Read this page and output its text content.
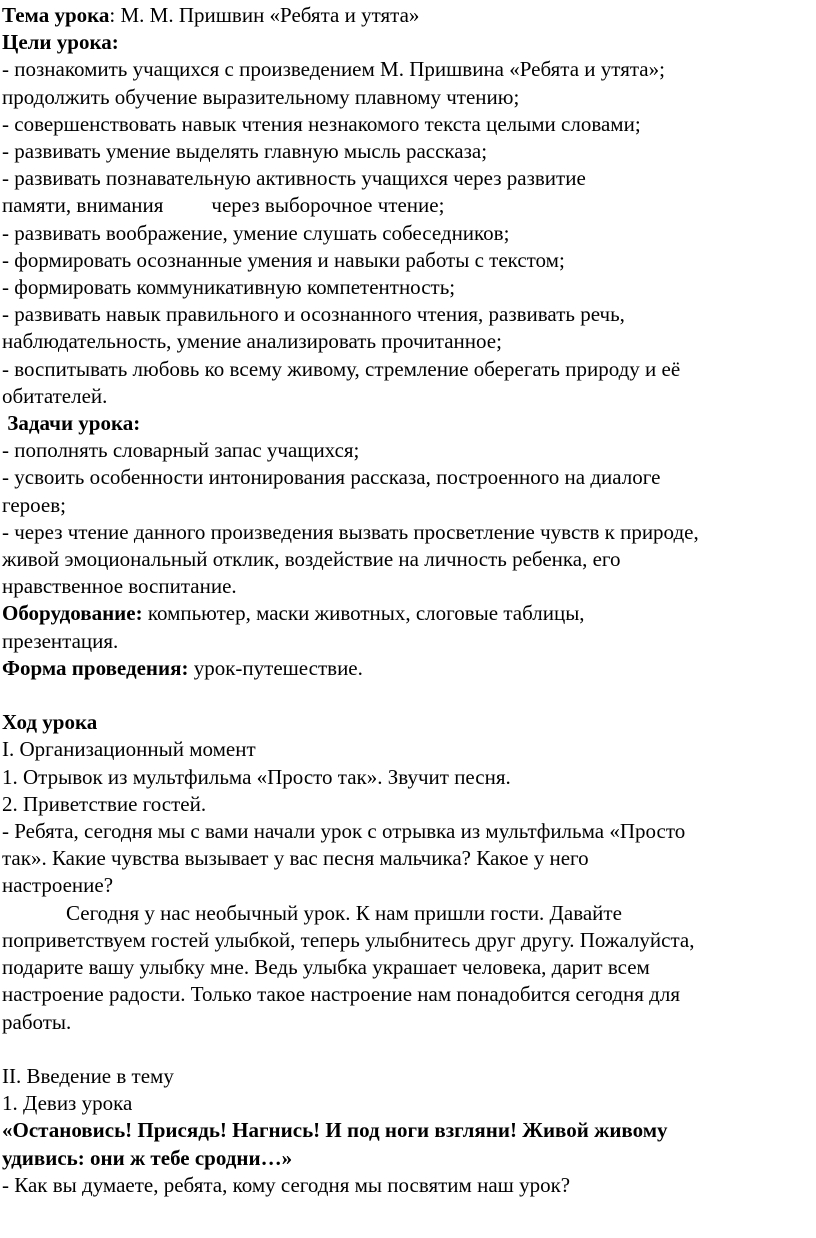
Тема урока: М. М. Пришвин «Ребята и утята»
Цели урока:
- познакомить учащихся с произведением М. Пришвина «Ребята и утята»;
продолжить обучение выразительному плавному чтению;
- совершенствовать навык чтения незнакомого текста целыми словами;
- развивать умение выделять главную мысль рассказа;
- развивать познавательную активность учащихся через развитие
памяти, внимания через выборочное чтение;
- развивать воображение, умение слушать собеседников;
- формировать осознанные умения и навыки работы с текстом;
- формировать коммуникативную компетентность;
- развивать навык правильного и осознанного чтения, развивать речь,
наблюдательность, умение анализировать прочитанное;
- воспитывать любовь ко всему живому, стремление оберегать природу и её
обитателей.
Задачи урока:
- пополнять словарный запас учащихся;
- усвоить особенности интонирования рассказа, построенного на диалоге
героев;
- через чтение данного произведения вызвать просветление чувств к природе,
живой эмоциональный отклик, воздействие на личность ребенка, его
нравственное воспитание.
Оборудование: компьютер, маски животных, слоговые таблицы,
презентация.
Форма проведения: урок-путешествие.
Ход урока
I. Организационный момент
1. Отрывок из мультфильма «Просто так». Звучит песня.
2. Приветствие гостей.
- Ребята, сегодня мы с вами начали урок с отрывка из мультфильма «Просто
так». Какие чувства вызывает у вас песня мальчика? Какое у него
настроение?
Сегодня у нас необычный урок. К нам пришли гости. Давайте
поприветствуем гостей улыбкой, теперь улыбнитесь друг другу. Пожалуйста,
подарите вашу улыбку мне. Ведь улыбка украшает человека, дарит всем
настроение радости. Только такое настроение нам понадобится сегодня для
работы.
II. Введение в тему
1. Девиз урока
«Остановись! Присядь! Нагнись! И под ноги взгляни! Живой живому
удивись: они ж тебе сродни…»
- Как вы думаете, ребята, кому сегодня мы посвятим наш урок?
